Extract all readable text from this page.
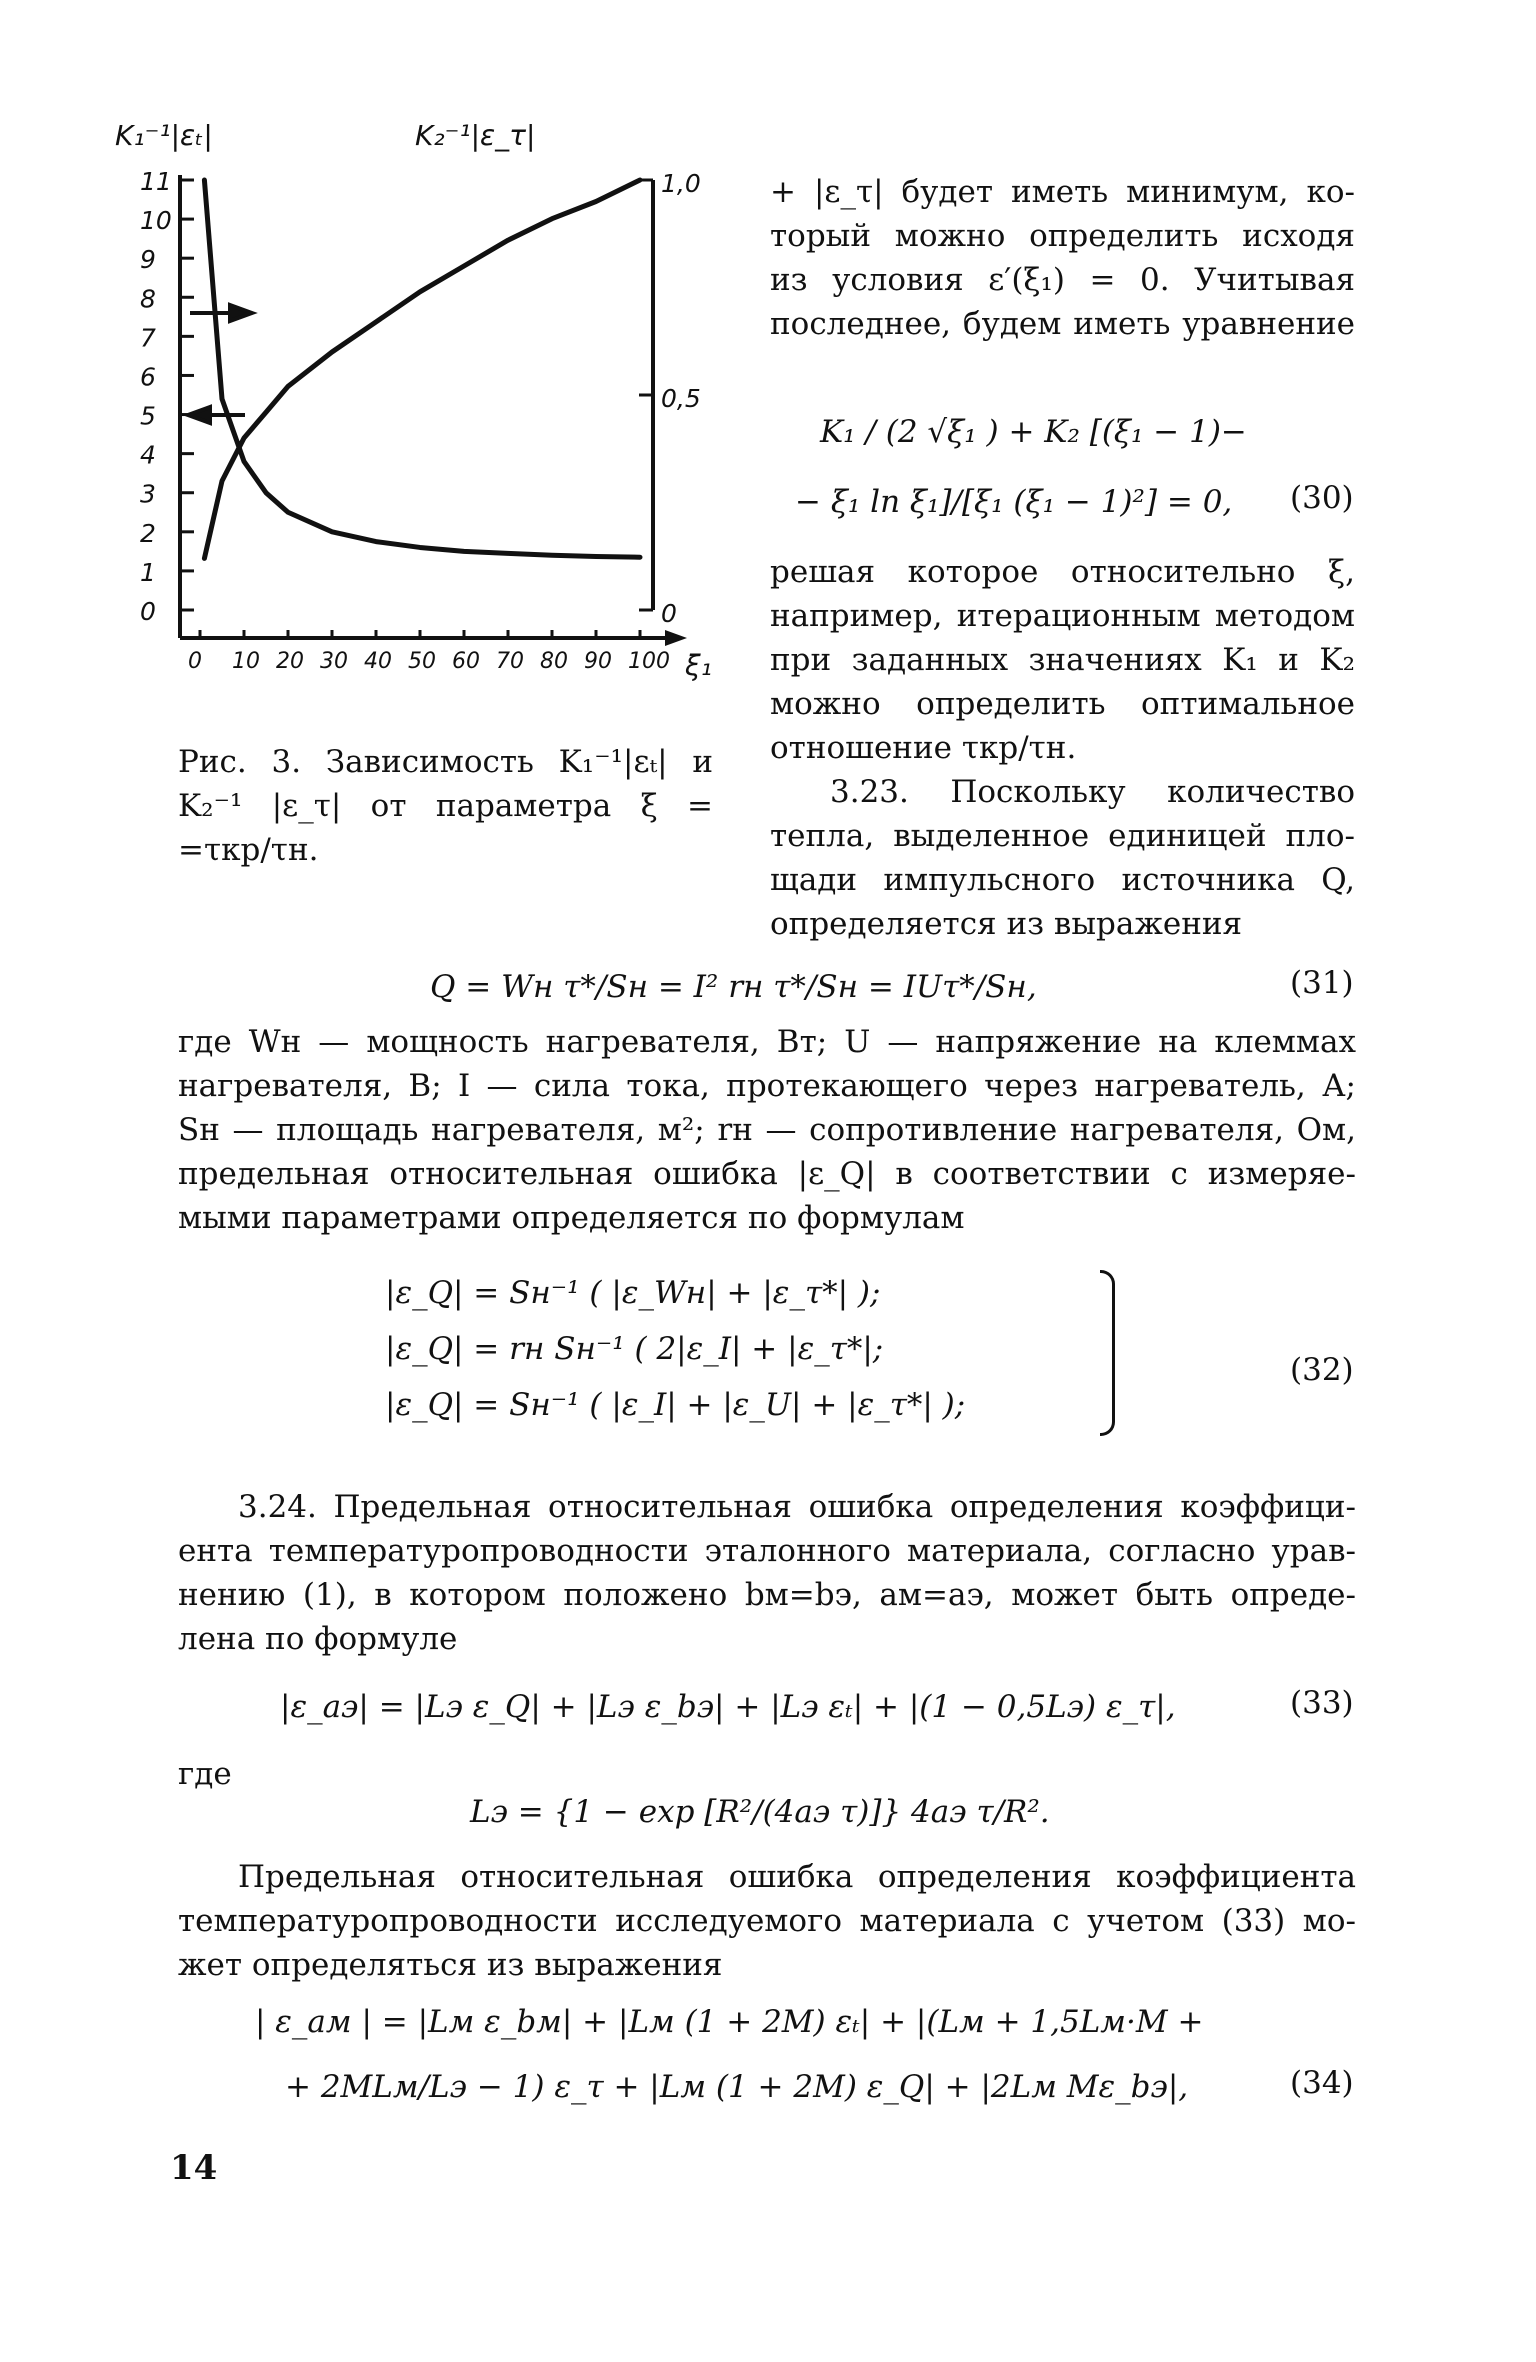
11
10
9
8
7
6
5
4
3
2
1
0
1,0
0,5
0
0 10 20 30 40 50 60 70 80 90 100
K₁⁻¹|εₜ|	K₂⁻¹|ε_τ|
ξ₁
Рис. 3. Зависимость K₁⁻¹|εₜ| и
K₂⁻¹ |ε_τ| от параметра ξ =
=τкр/τн.
+ |ε_τ| будет иметь минимум, ко-
торый можно определить исходя
из условия ε′(ξ₁) = 0. Учитывая
последнее, будем иметь уравнение
K₁ / (2 √ξ₁ ) + K₂ [(ξ₁ − 1)−
− ξ₁ ln ξ₁]/[ξ₁ (ξ₁ − 1)²] = 0, (30)
решая которое относительно ξ,
например, итерационным методом
при заданных значениях K₁ и K₂
можно определить оптимальное
отношение τкр/τн.
3.23. Поскольку количество
тепла, выделенное единицей пло-
щади импульсного источника Q,
определяется из выражения
Q = Wн τ*/Sн = I² rн τ*/Sн = IUτ*/Sн,	(31)
где Wн — мощность нагревателя, Вт; U — напряжение на клеммах
нагревателя, В; I — сила тока, протекающего через нагреватель, А;
Sн — площадь нагревателя, м²; rн — сопротивление нагревателя, Ом,
предельная относительная ошибка |ε_Q| в соответствии с измеряе-
мыми параметрами определяется по формулам
|ε_Q| = Sн⁻¹ ( |ε_Wн| + |ε_τ*| );
|ε_Q| = rн Sн⁻¹ ( 2|ε_I| + |ε_τ*|;
|ε_Q| = Sн⁻¹ ( |ε_I| + |ε_U| + |ε_τ*| );
(32)
3.24. Предельная относительная ошибка определения коэффици-
ента температуропроводности эталонного материала, согласно урав-
нению (1), в котором положено bм=bэ, aм=aэ, может быть опреде-
лена по формуле
|ε_aэ| = |Lэ ε_Q| + |Lэ ε_bэ| + |Lэ εₜ| + |(1 − 0,5Lэ) ε_τ|,	(33)
где
Lэ = {1 − exp [R²/(4aэ τ)]} 4aэ τ/R².
Предельная относительная ошибка определения коэффициента
температуропроводности исследуемого материала с учетом (33) мо-
жет определяться из выражения
| ε_aм | = |Lм ε_bм| + |Lм (1 + 2M) εₜ| + |(Lм + 1,5Lм·M +
+ 2MLм/Lэ − 1) ε_τ + |Lм (1 + 2M) ε_Q| + |2Lм Mε_bэ|,	(34)
14
